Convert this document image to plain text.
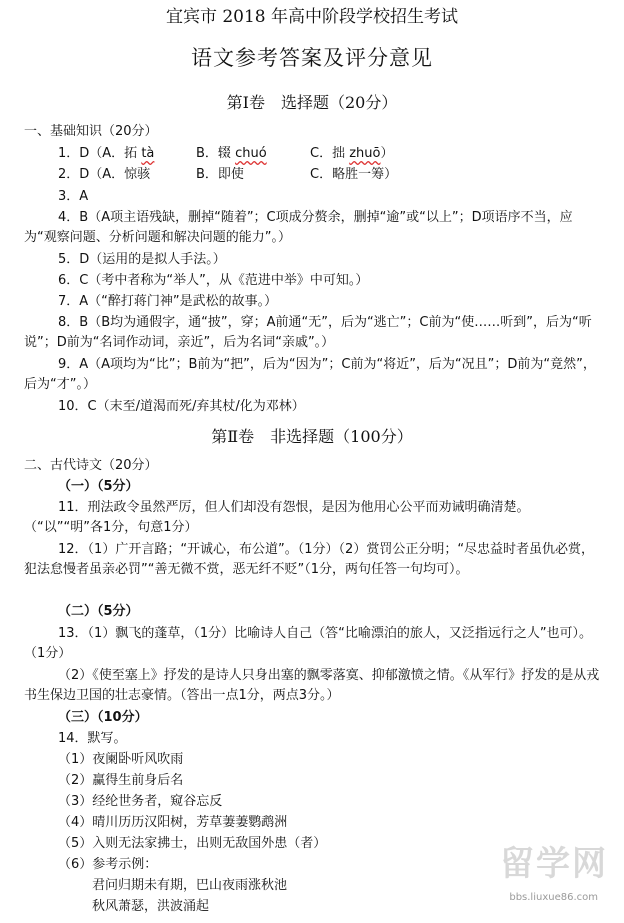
宜宾市 2018 年高中阶段学校招生考试
语文参考答案及评分意见
第Ⅰ卷　选择题（20分）
一、基础知识（20分）
1．D（A．拓 tà	B．辍 chuó	C．拙 zhuō）
2．D（A．惊骇	B．即使	C．略胜一筹）
3．A
4．B（A项主语残缺，删掉“随着”；C项成分赘余，删掉“逾”或“以上”；D项语序不当，应为“观察问题、分析问题和解决问题的能力”。）
5．D（运用的是拟人手法。）
6．C（考中者称为“举人”，从《范进中举》中可知。）
7．A（“醉打蒋门神”是武松的故事。）
8．B（B均为通假字，通“披”，穿；A前通“无”，后为“逃亡”；C前为“使……听到”，后为“听说”；D前为“名词作动词，亲近”，后为名词“亲戚”。）
9．A（A项均为“比”；B前为“把”，后为“因为”；C前为“将近”，后为“况且”；D前为“竟然”，后为“才”。）
10．C（末至/道渴而死/弃其杖/化为邓林）
第Ⅱ卷　非选择题（100分）
二、古代诗文（20分）
（一）（5分）
11．刑法政令虽然严厉，但人们却没有怨恨，是因为他用心公平而劝诫明确清楚。（“以”“明”各1分，句意1分）
12．（1）广开言路；“开诚心，布公道”。（1分）（2）赏罚公正分明；“尽忠益时者虽仇必赏，犯法怠慢者虽亲必罚”“善无微不赏，恶无纤不贬”（1分，两句任答一句均可）。
（二）（5分）
13．（1）飘飞的蓬草，（1分）比喻诗人自己（答“比喻漂泊的旅人，又泛指远行之人”也可）。（1分）
（2）《使至塞上》抒发的是诗人只身出塞的飘零落寞、抑郁激愤之情。《从军行》抒发的是从戎书生保边卫国的壮志豪情。（答出一点1分，两点3分。）
（三）（10分）
14．默写。
（1）夜阑卧听风吹雨
（2）赢得生前身后名
（3）经纶世务者，窥谷忘反
（4）晴川历历汉阳树，芳草萋萋鹦鹉洲
（5）入则无法家拂士，出则无敌国外患（者）
（6）参考示例：
君问归期未有期，巴山夜雨涨秋池
秋风萧瑟，洪波涌起
留学网
bbs.liuxue86.com
